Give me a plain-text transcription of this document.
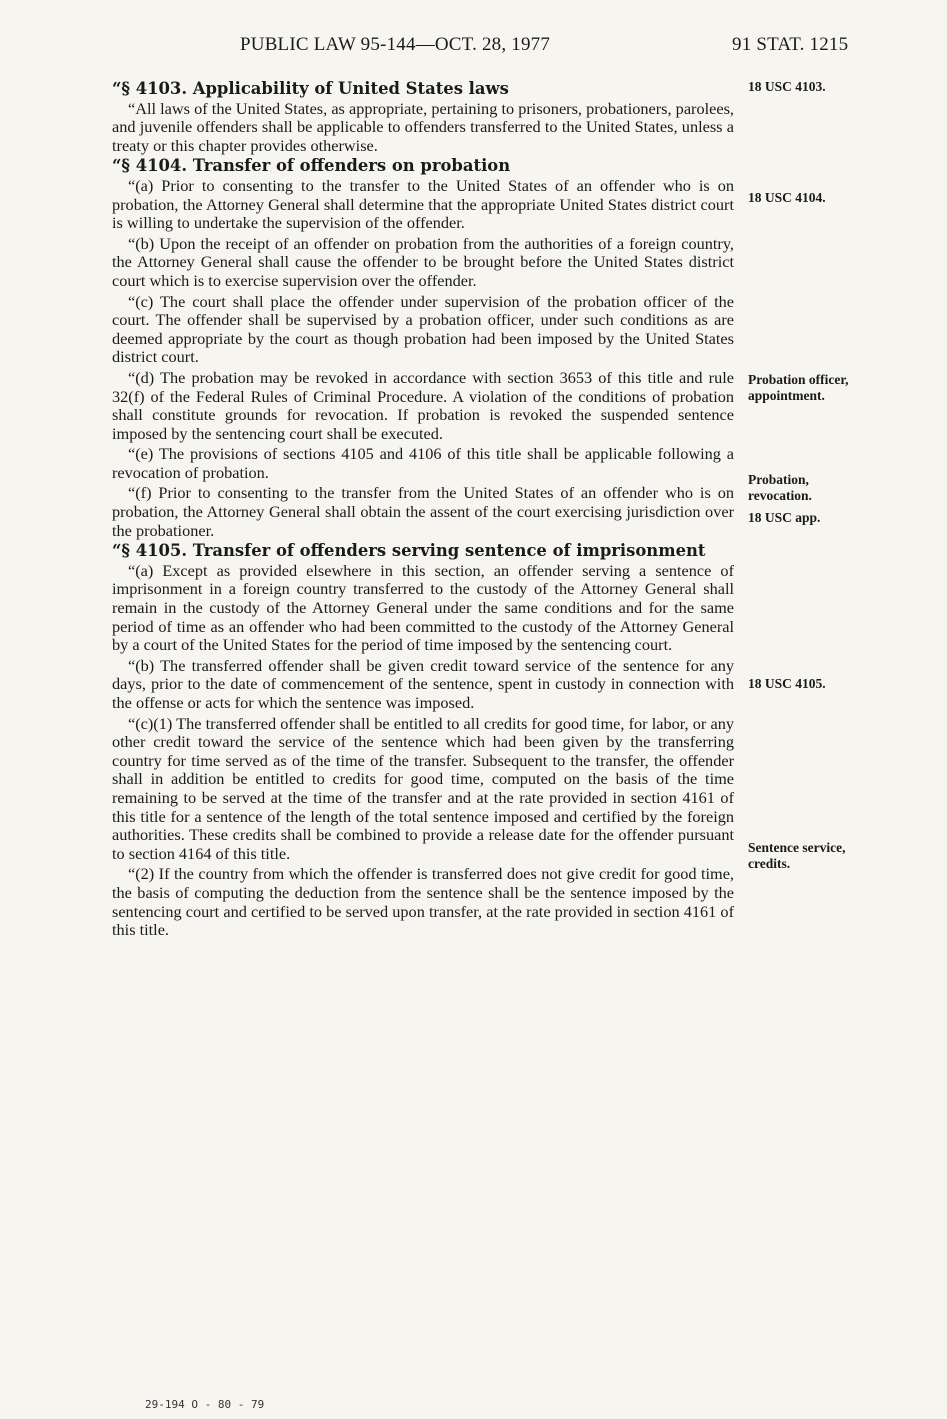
PUBLIC LAW 95-144—OCT. 28, 1977	91 STAT. 1215
“§ 4103. Applicability of United States laws

“All laws of the United States, as appropriate, pertaining to prisoners, probationers, parolees, and juvenile offenders shall be applicable to offenders transferred to the United States, unless a treaty or this chapter provides otherwise.

“§ 4104. Transfer of offenders on probation

“(a) Prior to consenting to the transfer to the United States of an offender who is on probation, the Attorney General shall determine that the appropriate United States district court is willing to undertake the supervision of the offender.

“(b) Upon the receipt of an offender on probation from the authorities of a foreign country, the Attorney General shall cause the offender to be brought before the United States district court which is to exercise supervision over the offender.

“(c) The court shall place the offender under supervision of the probation officer of the court. The offender shall be supervised by a probation officer, under such conditions as are deemed appropriate by the court as though probation had been imposed by the United States district court.

“(d) The probation may be revoked in accordance with section 3653 of this title and rule 32(f) of the Federal Rules of Criminal Procedure. A violation of the conditions of probation shall constitute grounds for revocation. If probation is revoked the suspended sentence imposed by the sentencing court shall be executed.

“(e) The provisions of sections 4105 and 4106 of this title shall be applicable following a revocation of probation.

“(f) Prior to consenting to the transfer from the United States of an offender who is on probation, the Attorney General shall obtain the assent of the court exercising jurisdiction over the probationer.

“§ 4105. Transfer of offenders serving sentence of imprisonment

“(a) Except as provided elsewhere in this section, an offender serving a sentence of imprisonment in a foreign country transferred to the custody of the Attorney General shall remain in the custody of the Attorney General under the same conditions and for the same period of time as an offender who had been committed to the custody of the Attorney General by a court of the United States for the period of time imposed by the sentencing court.

“(b) The transferred offender shall be given credit toward service of the sentence for any days, prior to the date of commencement of the sentence, spent in custody in connection with the offense or acts for which the sentence was imposed.

“(c)(1) The transferred offender shall be entitled to all credits for good time, for labor, or any other credit toward the service of the sentence which had been given by the transferring country for time served as of the time of the transfer. Subsequent to the transfer, the offender shall in addition be entitled to credits for good time, computed on the basis of the time remaining to be served at the time of the transfer and at the rate provided in section 4161 of this title for a sentence of the length of the total sentence imposed and certified by the foreign authorities. These credits shall be combined to provide a release date for the offender pursuant to section 4164 of this title.

“(2) If the country from which the offender is transferred does not give credit for good time, the basis of computing the deduction from the sentence shall be the sentence imposed by the sentencing court and certified to be served upon transfer, at the rate provided in section 4161 of this title.

18 USC 4103.
18 USC 4104.
Probation officer, appointment.
Probation, revocation.
18 USC app.
18 USC 4105.
Sentence service, credits.
29-194 O - 80 - 79
